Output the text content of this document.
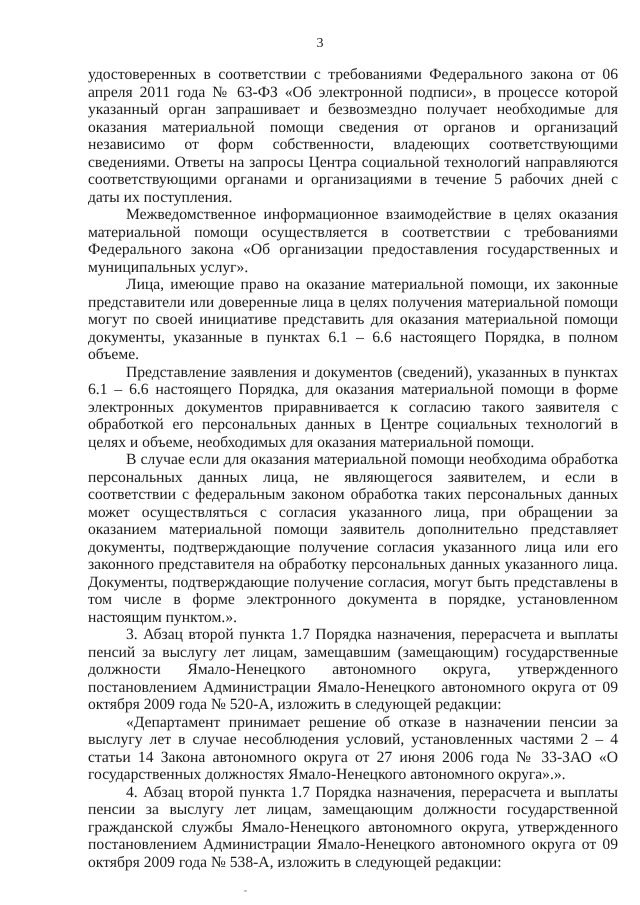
3

удостоверенных в соответствии с требованиями Федерального закона от 06 апреля 2011 года № 63-ФЗ «Об электронной подписи», в процессе которой указанный орган запрашивает и безвозмездно получает необходимые для оказания материальной помощи сведения от органов и организаций независимо от форм собственности, владеющих соответствующими сведениями. Ответы на запросы Центра социальной технологий направляются соответствующими органами и организациями в течение 5 рабочих дней с даты их поступления.

Межведомственное информационное взаимодействие в целях оказания материальной помощи осуществляется в соответствии с требованиями Федерального закона «Об организации предоставления государственных и муниципальных услуг».

Лица, имеющие право на оказание материальной помощи, их законные представители или доверенные лица в целях получения материальной помощи могут по своей инициативе представить для оказания материальной помощи документы, указанные в пунктах 6.1 – 6.6 настоящего Порядка, в полном объеме.

Представление заявления и документов (сведений), указанных в пунктах 6.1 – 6.6 настоящего Порядка, для оказания материальной помощи в форме электронных документов приравнивается к согласию такого заявителя с обработкой его персональных данных в Центре социальных технологий в целях и объеме, необходимых для оказания материальной помощи.

В случае если для оказания материальной помощи необходима обработка персональных данных лица, не являющегося заявителем, и если в соответствии с федеральным законом обработка таких персональных данных может осуществляться с согласия указанного лица, при обращении за оказанием материальной помощи заявитель дополнительно представляет документы, подтверждающие получение согласия указанного лица или его законного представителя на обработку персональных данных указанного лица. Документы, подтверждающие получение согласия, могут быть представлены в том числе в форме электронного документа в порядке, установленном настоящим пунктом.».

3. Абзац второй пункта 1.7 Порядка назначения, перерасчета и выплаты пенсий за выслугу лет лицам, замещавшим (замещающим) государственные должности Ямало-Ненецкого автономного округа, утвержденного постановлением Администрации Ямало-Ненецкого автономного округа от 09 октября 2009 года № 520-А, изложить в следующей редакции:

«Департамент принимает решение об отказе в назначении пенсии за выслугу лет в случае несоблюдения условий, установленных частями 2 – 4 статьи 14 Закона автономного округа от 27 июня 2006 года № 33-ЗАО «О государственных должностях Ямало-Ненецкого автономного округа».».

4. Абзац второй пункта 1.7 Порядка назначения, перерасчета и выплаты пенсии за выслугу лет лицам, замещающим должности государственной гражданской службы Ямало-Ненецкого автономного округа, утвержденного постановлением Администрации Ямало-Ненецкого автономного округа от 09 октября 2009 года № 538-А, изложить в следующей редакции:
